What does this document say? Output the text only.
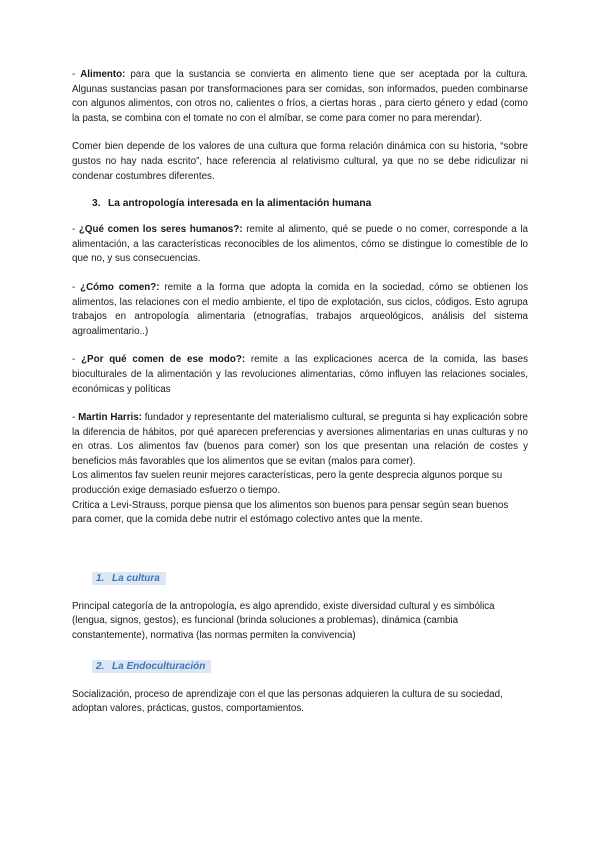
- Alimento: para que la sustancia se convierta en alimento tiene que ser aceptada por la cultura. Algunas sustancias pasan por transformaciones para ser comidas, son informados, pueden combinarse con algunos alimentos, con otros no, calientes o fríos, a ciertas horas , para cierto género y edad (como la pasta, se combina con el tomate no con el almíbar, se come para comer no para merendar).

Comer bien depende de los valores de una cultura que forma relación dinámica con su historia, “sobre gustos no hay nada escrito”, hace referencia al relativismo cultural, ya que no se debe ridiculizar ni condenar costumbres diferentes.

3. La antropología interesada en la alimentación humana

- ¿Qué comen los seres humanos?: remite al alimento, qué se puede o no comer, corresponde a la alimentación, a las características reconocibles de los alimentos, cómo se distingue lo comestible de lo que no, y sus consecuencias.

- ¿Cómo comen?: remite a la forma que adopta la comida en la sociedad, cómo se obtienen los alimentos, las relaciones con el medio ambiente, el tipo de explotación, sus ciclos, códigos. Esto agrupa trabajos en antropología alimentaria (etnografías, trabajos arqueológicos, análisis del sistema agroalimentario..)

- ¿Por qué comen de ese modo?: remite a las explicaciones acerca de la comida, las bases bioculturales de la alimentación y las revoluciones alimentarias, cómo influyen las relaciones sociales, económicas y políticas

- Martin Harris: fundador y representante del materialismo cultural, se pregunta si hay explicación sobre la diferencia de hábitos, por qué aparecen preferencias y aversiones alimentarias en unas culturas y no en otras. Los alimentos fav (buenos para comer) son los que presentan una relación de costes y beneficios más favorables que los alimentos que se evitan (malos para comer).

Los alimentos fav suelen reunir mejores características, pero la gente desprecia algunos porque su producción exige demasiado esfuerzo o tiempo.

Critica a Levi-Strauss, porque piensa que los alimentos son buenos para pensar según sean buenos para comer, que la comida debe nutrir el estómago colectivo antes que la mente.

1. La cultura

Principal categoría de la antropología, es algo aprendido, existe diversidad cultural y es simbólica (lengua, signos, gestos), es funcional (brinda soluciones a problemas), dinámica (cambia constantemente), normativa (las normas permiten la convivencia)

2. La Endoculturación

Socialización, proceso de aprendizaje con el que las personas adquieren la cultura de su sociedad, adoptan valores, prácticas, gustos, comportamientos.
